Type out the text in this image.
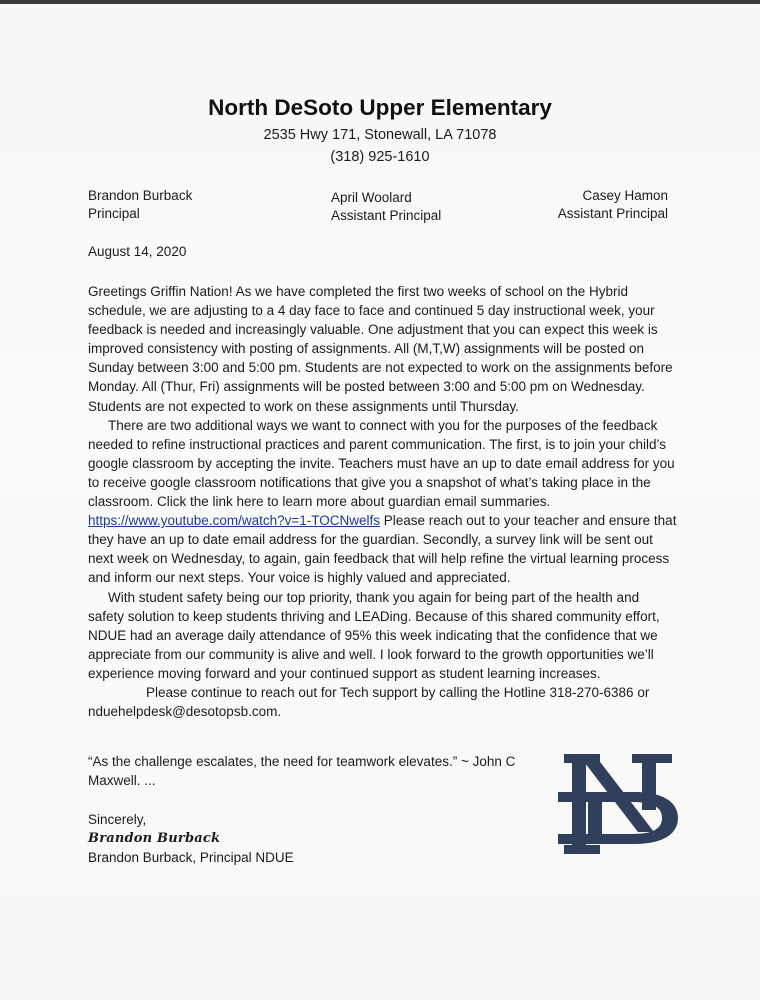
North DeSoto Upper Elementary
2535 Hwy 171, Stonewall, LA 71078
(318) 925-1610
Brandon Burback
Principal
April Woolard
Assistant Principal
Casey Hamon
Assistant Principal
August 14, 2020

Greetings Griffin Nation! As we have completed the first two weeks of school on the Hybrid schedule, we are adjusting to a 4 day face to face and continued 5 day instructional week, your feedback is needed and increasingly valuable. One adjustment that you can expect this week is improved consistency with posting of assignments. All (M,T,W) assignments will be posted on Sunday between 3:00 and 5:00 pm. Students are not expected to work on the assignments before Monday. All (Thur, Fri) assignments will be posted between 3:00 and 5:00 pm on Wednesday. Students are not expected to work on these assignments until Thursday.

There are two additional ways we want to connect with you for the purposes of the feedback needed to refine instructional practices and parent communication. The first, is to join your child’s google classroom by accepting the invite. Teachers must have an up to date email address for you to receive google classroom notifications that give you a snapshot of what’s taking place in the classroom. Click the link here to learn more about guardian email summaries. https://www.youtube.com/watch?v=1-TOCNwelfs Please reach out to your teacher and ensure that they have an up to date email address for the guardian. Secondly, a survey link will be sent out next week on Wednesday, to again, gain feedback that will help refine the virtual learning process and inform our next steps. Your voice is highly valued and appreciated.

With student safety being our top priority, thank you again for being part of the health and safety solution to keep students thriving and LEADing. Because of this shared community effort, NDUE had an average daily attendance of 95% this week indicating that the confidence that we appreciate from our community is alive and well. I look forward to the growth opportunities we’ll experience moving forward and your continued support as student learning increases.

Please continue to reach out for Tech support by calling the Hotline 318-270-6386 or nduehelpdesk@desotopsb.com.

“As the challenge escalates, the need for teamwork elevates.” ~ John C Maxwell. ...
Sincerely,
Brandon Burback
Brandon Burback, Principal NDUE
